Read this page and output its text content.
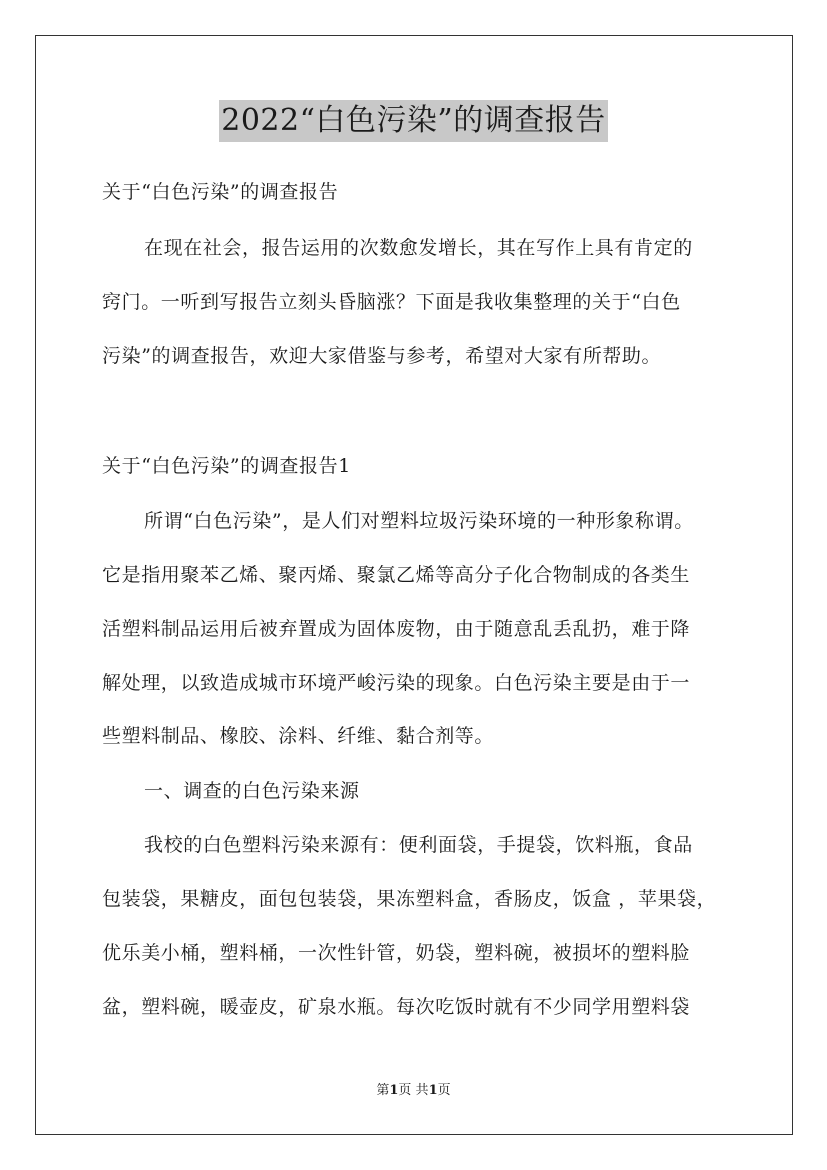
2022“白色污染”的调查报告
关于“白色污染”的调查报告
在现在社会，报告运用的次数愈发增长，其在写作上具有肯定的
窍门。一听到写报告立刻头昏脑涨？下面是我收集整理的关于“白色
污染”的调查报告，欢迎大家借鉴与参考，希望对大家有所帮助。
关于“白色污染”的调查报告1
所谓“白色污染”，是人们对塑料垃圾污染环境的一种形象称谓。
它是指用聚苯乙烯、聚丙烯、聚氯乙烯等高分子化合物制成的各类生
活塑料制品运用后被弃置成为固体废物，由于随意乱丢乱扔，难于降
解处理，以致造成城市环境严峻污染的现象。白色污染主要是由于一
些塑料制品、橡胶、涂料、纤维、黏合剂等。
一、调查的白色污染来源
我校的白色塑料污染来源有：便利面袋，手提袋，饮料瓶，食品
包装袋，果糖皮，面包包装袋，果冻塑料盒，香肠皮，饭盒 ，苹果袋，
优乐美小桶，塑料桶，一次性针管，奶袋，塑料碗，被损坏的塑料脸
盆，塑料碗，暖壶皮，矿泉水瓶。每次吃饭时就有不少同学用塑料袋
第1页 共1页
